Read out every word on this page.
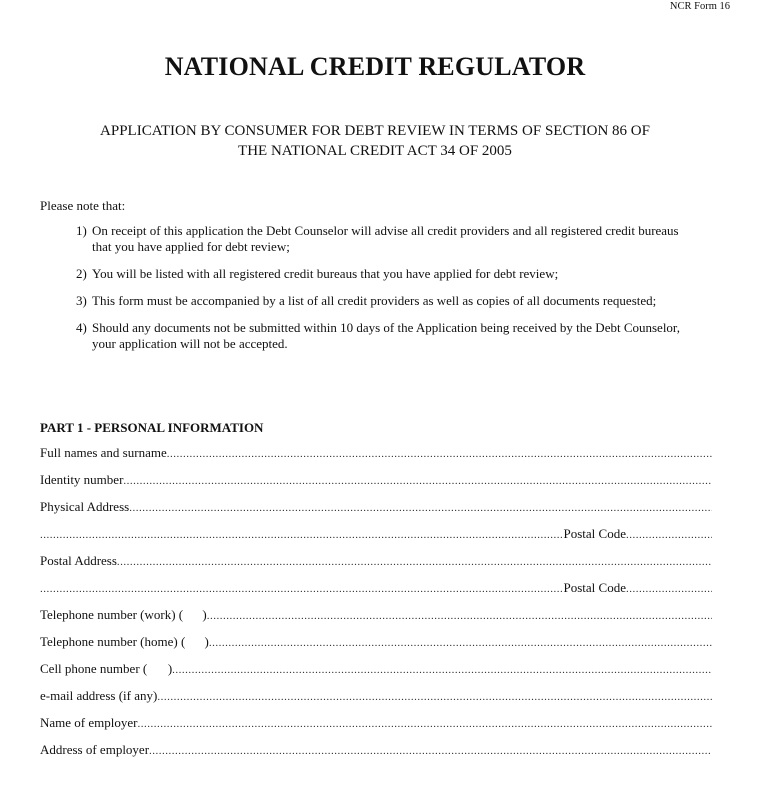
NCR Form 16
NATIONAL CREDIT REGULATOR
APPLICATION BY CONSUMER FOR DEBT REVIEW IN TERMS OF SECTION 86 OF
THE NATIONAL CREDIT ACT 34 OF 2005
Please note that:
1) On receipt of this application the Debt Counselor will advise all credit providers and all registered credit bureaus
that you have applied for debt review;
2) You will be listed with all registered credit bureaus that you have applied for debt review;
3) This form must be accompanied by a list of all credit providers as well as copies of all documents requested;
4) Should any documents not be submitted within 10 days of the Application being received by the Debt Counselor,
your application will not be accepted.
PART 1 - PERSONAL INFORMATION
Full names and surname
.....
Identity number
.....
Physical Address
.....
.....
Postal Code
.....
Postal Address
.....
.....
Postal Code
.....
Telephone number (work) ( )
.....
Telephone number (home) ( )
.....
Cell phone number ( )
.....
e-mail address (if any)
.....
Name of employer
.....
Address of employer
.....
